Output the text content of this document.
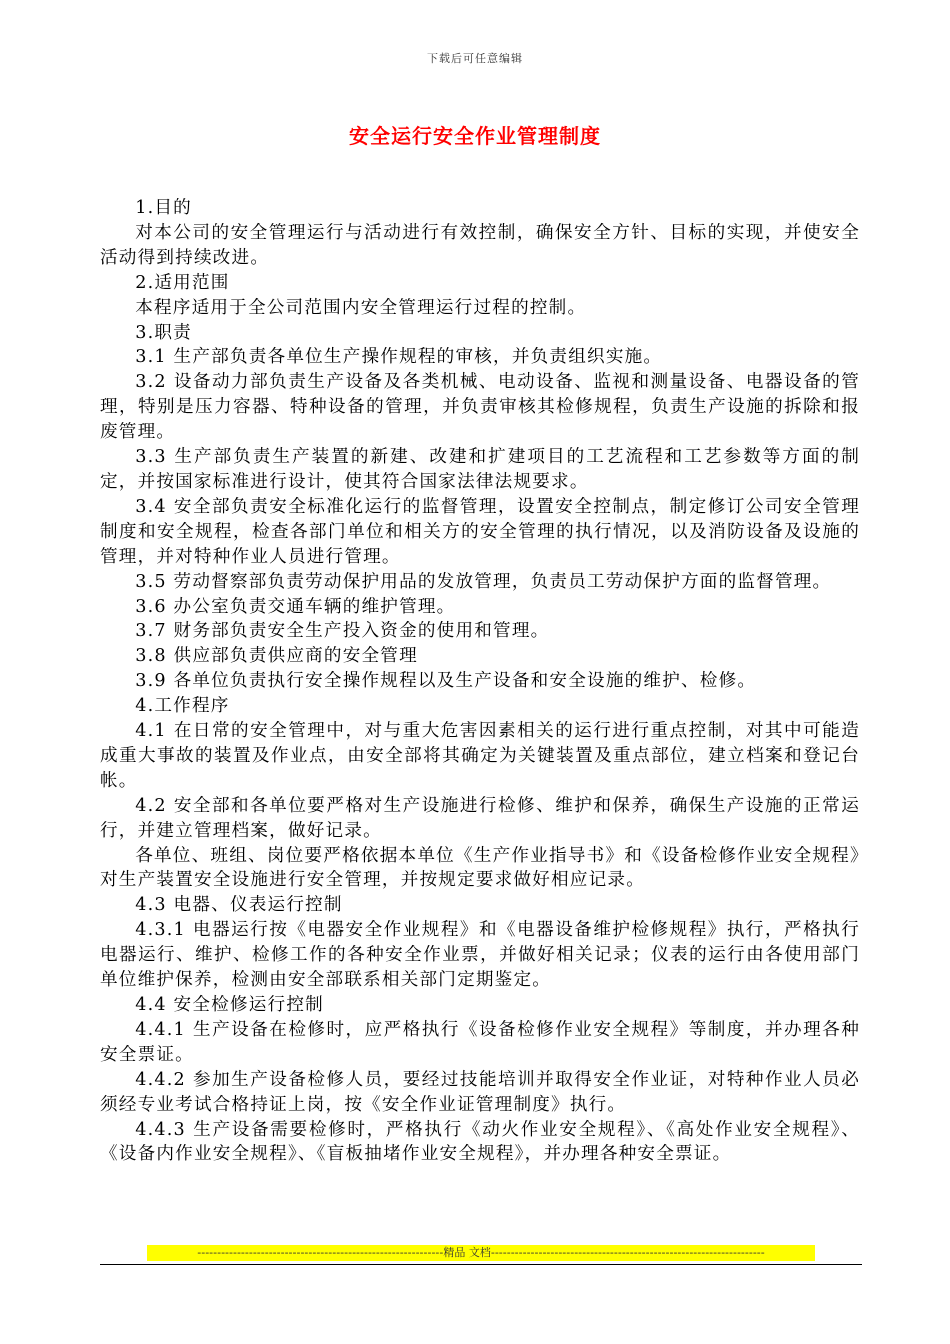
下载后可任意编辑
安全运行安全作业管理制度

1.目的

对本公司的安全管理运行与活动进行有效控制，确保安全方针、目标的实现，并使安全活动得到持续改进。

2.适用范围

本程序适用于全公司范围内安全管理运行过程的控制。

3.职责

3.1 生产部负责各单位生产操作规程的审核，并负责组织实施。

3.2 设备动力部负责生产设备及各类机械、电动设备、监视和测量设备、电器设备的管理，特别是压力容器、特种设备的管理，并负责审核其检修规程，负责生产设施的拆除和报废管理。

3.3 生产部负责生产装置的新建、改建和扩建项目的工艺流程和工艺参数等方面的制定，并按国家标准进行设计，使其符合国家法律法规要求。

3.4 安全部负责安全标准化运行的监督管理，设置安全控制点，制定修订公司安全管理制度和安全规程，检查各部门单位和相关方的安全管理的执行情况，以及消防设备及设施的管理，并对特种作业人员进行管理。

3.5 劳动督察部负责劳动保护用品的发放管理，负责员工劳动保护方面的监督管理。

3.6 办公室负责交通车辆的维护管理。

3.7 财务部负责安全生产投入资金的使用和管理。

3.8 供应部负责供应商的安全管理

3.9 各单位负责执行安全操作规程以及生产设备和安全设施的维护、检修。

4.工作程序

4.1 在日常的安全管理中，对与重大危害因素相关的运行进行重点控制，对其中可能造成重大事故的装置及作业点，由安全部将其确定为关键装置及重点部位，建立档案和登记台帐。

4.2 安全部和各单位要严格对生产设施进行检修、维护和保养，确保生产设施的正常运行，并建立管理档案，做好记录。

各单位、班组、岗位要严格依据本单位《生产作业指导书》和《设备检修作业安全规程》对生产装置安全设施进行安全管理，并按规定要求做好相应记录。

4.3 电器、仪表运行控制

4.3.1 电器运行按《电器安全作业规程》和《电器设备维护检修规程》执行，严格执行电器运行、维护、检修工作的各种安全作业票，并做好相关记录；仪表的运行由各使用部门单位维护保养，检测由安全部联系相关部门定期鉴定。

4.4 安全检修运行控制

4.4.1 生产设备在检修时，应严格执行《设备检修作业安全规程》等制度，并办理各种安全票证。

4.4.2 参加生产设备检修人员，要经过技能培训并取得安全作业证，对特种作业人员必须经专业考试合格持证上岗，按《安全作业证管理制度》执行。

4.4.3 生产设备需要检修时，严格执行《动火作业安全规程》、《高处作业安全规程》、《设备内作业安全规程》、《盲板抽堵作业安全规程》，并办理各种安全票证。

--------------------------------------------------------------精品 文档---------------------------------------------------------------------
